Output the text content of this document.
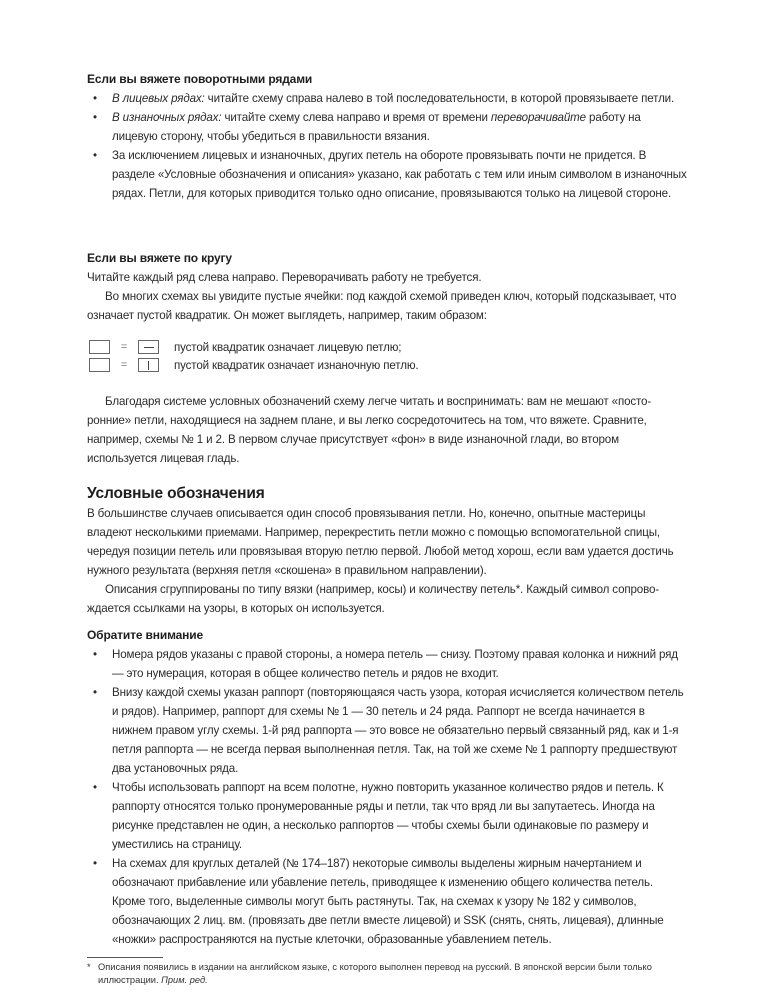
Если вы вяжете поворотными рядами
• В лицевых рядах: читайте схему справа налево в той последовательности, в которой провязываете петли.
• В изнаночных рядах: читайте схему слева направо и время от времени переворачивайте работу на лицевую сторону, чтобы убедиться в правильности вязания.
• За исключением лицевых и изнаночных, других петель на обороте провязывать почти не придется. В разделе «Условные обозначения и описания» указано, как работать с тем или иным символом в изнаночных рядах. Петли, для которых приводится только одно описание, провязываются только на лицевой стороне.
Если вы вяжете по кругу

Читайте каждый ряд слева направо. Переворачивать работу не требуется.

Во многих схемах вы увидите пустые ячейки: под каждой схемой приведен ключ, который подсказывает, что означает пустой квадратик. Он может выглядеть, например, таким образом:

=	пустой квадратик означает лицевую петлю;
=	пустой квадратик означает изнаночную петлю.

Благодаря системе условных обозначений схему легче читать и воспринимать: вам не мешают «посторонние» петли, находящиеся на заднем плане, и вы легко сосредоточитесь на том, что вяжете. Сравните, например, схемы № 1 и 2. В первом случае присутствует «фон» в виде изнаночной глади, во втором используется лицевая гладь.

Условные обозначения

В большинстве случаев описывается один способ провязывания петли. Но, конечно, опытные мастерицы владеют несколькими приемами. Например, перекрестить петли можно с помощью вспомогательной спицы, чередуя позиции петель или провязывая вторую петлю первой. Любой метод хорош, если вам удается достичь нужного результата (верхняя петля «скошена» в правильном направлении).

Описания сгруппированы по типу вязки (например, косы) и количеству петель*. Каждый символ сопровождается ссылками на узоры, в которых он используется.

Обратите внимание
• Номера рядов указаны с правой стороны, а номера петель — снизу. Поэтому правая колонка и нижний ряд — это нумерация, которая в общее количество петель и рядов не входит.
• Внизу каждой схемы указан раппорт (повторяющаяся часть узора, которая исчисляется количеством петель и рядов). Например, раппорт для схемы № 1 — 30 петель и 24 ряда. Раппорт не всегда начинается в нижнем правом углу схемы. 1-й ряд раппорта — это вовсе не обязательно первый связанный ряд, как и 1-я петля раппорта — не всегда первая выполненная петля. Так, на той же схеме № 1 раппорту предшествуют два установочных ряда.
• Чтобы использовать раппорт на всем полотне, нужно повторить указанное количество рядов и петель. К раппорту относятся только пронумерованные ряды и петли, так что вряд ли вы запутаетесь. Иногда на рисунке представлен не один, а несколько раппортов — чтобы схемы были одинаковые по размеру и уместились на страницу.
• На схемах для круглых деталей (№ 174–187) некоторые символы выделены жирным начертанием и обозначают прибавление или убавление петель, приводящее к изменению общего количества петель. Кроме того, выделенные символы могут быть растянуты. Так, на схемах к узору № 182 у символов, обозначающих 2 лиц. вм. (провязать две петли вместе лицевой) и SSK (снять, снять, лицевая), длинные «ножки» распространяются на пустые клеточки, образованные убавлением петель.
* Описания появились в издании на английском языке, с которого выполнен перевод на русский. В японской версии были только иллюстрации. Прим. ред.
